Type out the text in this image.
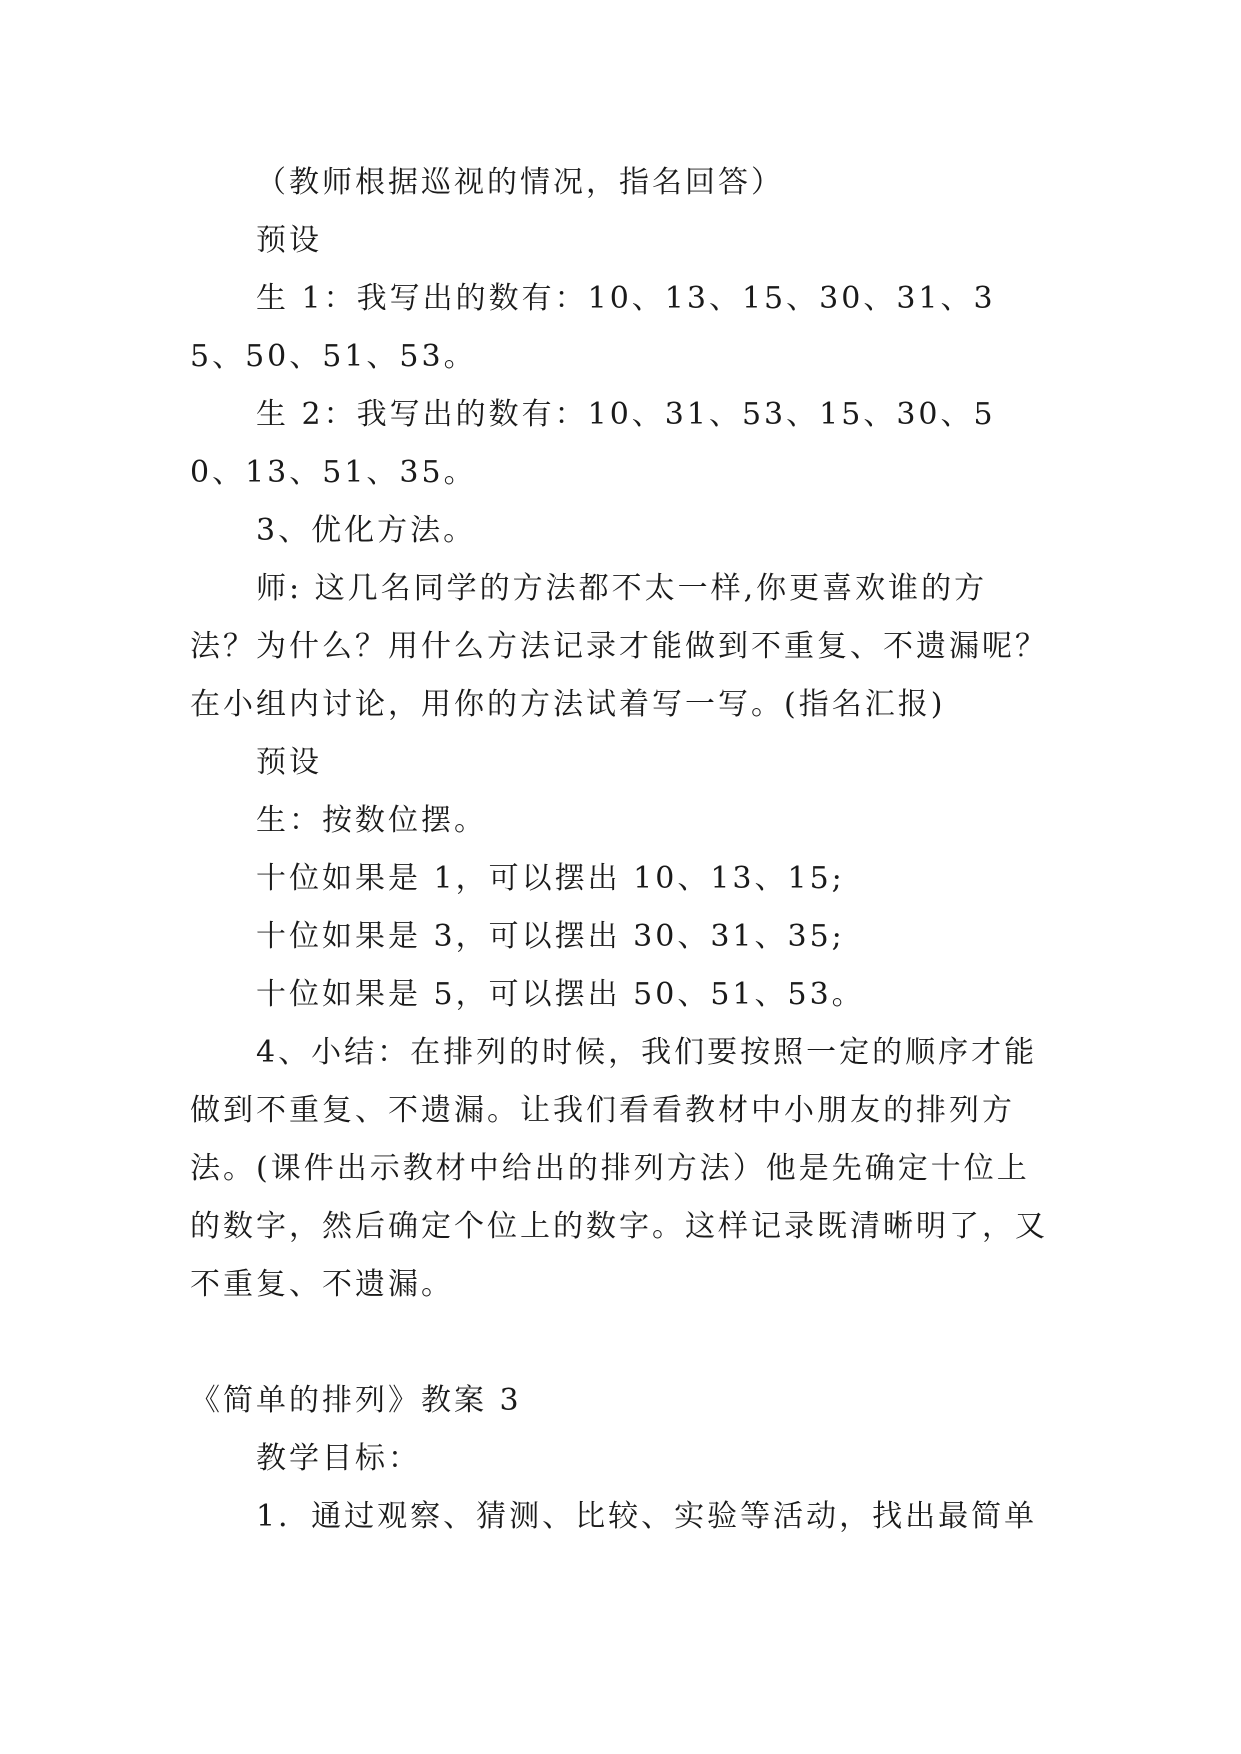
（教师根据巡视的情况，指名回答）

预设

生 1：我写出的数有：10、13、15、30、31、35、50、51、53。

生 2：我写出的数有：10、31、53、15、30、50、13、51、35。

3、优化方法。

师: 这几名同学的方法都不太一样,你更喜欢谁的方法？为什么？用什么方法记录才能做到不重复、不遗漏呢？在小组内讨论，用你的方法试着写一写。(指名汇报)

预设

生：按数位摆。

十位如果是 1，可以摆出 10、13、15;

十位如果是 3，可以摆出 30、31、35;

十位如果是 5，可以摆出 50、51、53。

4、小结：在排列的时候，我们要按照一定的顺序才能做到不重复、不遗漏。让我们看看教材中小朋友的排列方法。(课件出示教材中给出的排列方法）他是先确定十位上的数字，然后确定个位上的数字。这样记录既清晰明了，又不重复、不遗漏。

《简单的排列》教案 3

教学目标：

1．通过观察、猜测、比较、实验等活动，找出最简单
